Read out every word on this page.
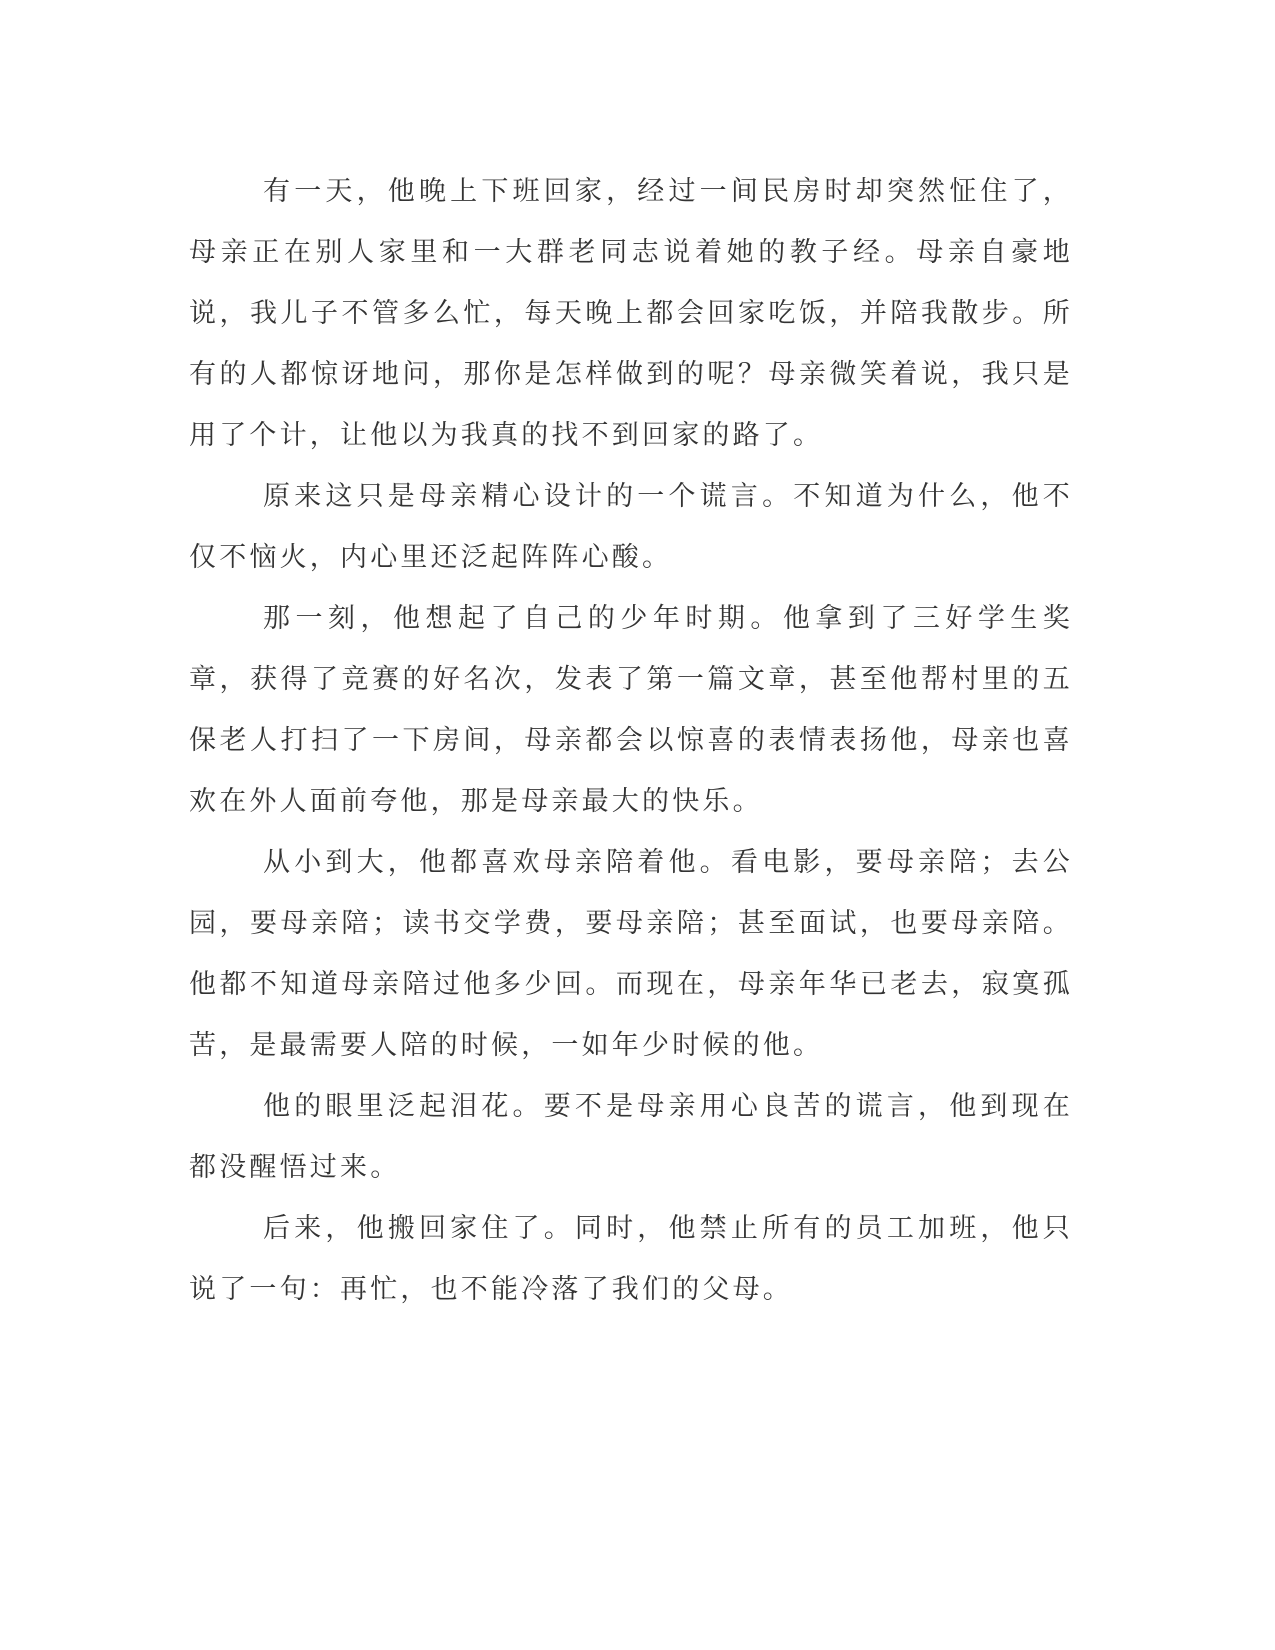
有一天，他晚上下班回家，经过一间民房时却突然怔住了，母亲正在别人家里和一大群老同志说着她的教子经。母亲自豪地说，我儿子不管多么忙，每天晚上都会回家吃饭，并陪我散步。所有的人都惊讶地问，那你是怎样做到的呢？母亲微笑着说，我只是用了个计，让他以为我真的找不到回家的路了。

原来这只是母亲精心设计的一个谎言。不知道为什么，他不仅不恼火，内心里还泛起阵阵心酸。

那一刻，他想起了自己的少年时期。他拿到了三好学生奖章，获得了竞赛的好名次，发表了第一篇文章，甚至他帮村里的五保老人打扫了一下房间，母亲都会以惊喜的表情表扬他，母亲也喜欢在外人面前夸他，那是母亲最大的快乐。

从小到大，他都喜欢母亲陪着他。看电影，要母亲陪；去公园，要母亲陪；读书交学费，要母亲陪；甚至面试，也要母亲陪。他都不知道母亲陪过他多少回。而现在，母亲年华已老去，寂寞孤苦，是最需要人陪的时候，一如年少时候的他。

他的眼里泛起泪花。要不是母亲用心良苦的谎言，他到现在都没醒悟过来。

后来，他搬回家住了。同时，他禁止所有的员工加班，他只说了一句：再忙，也不能冷落了我们的父母。
